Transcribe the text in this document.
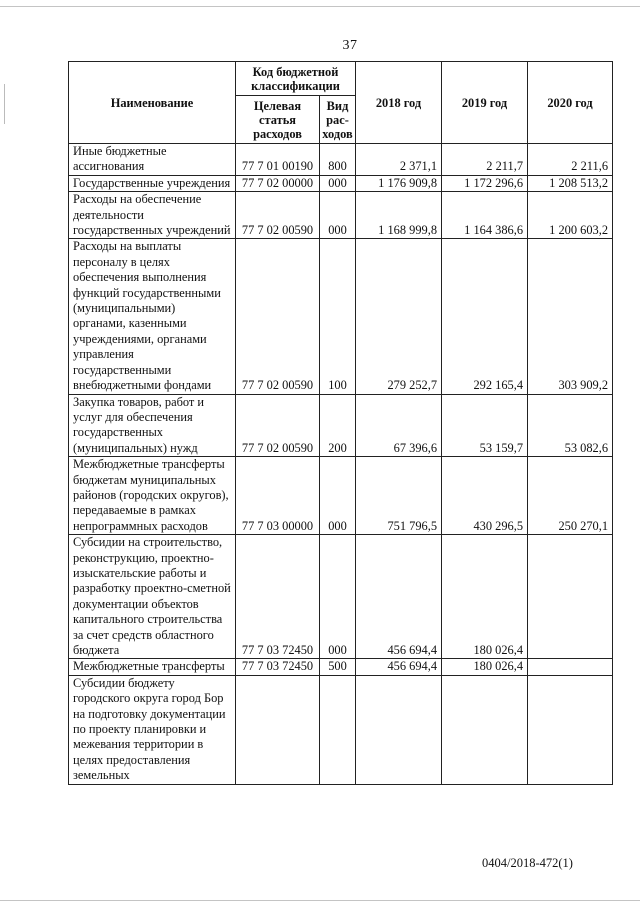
37
Наименование	Код бюджетной классификации		2018 год	2019 год	2020 год
	Целевая статья расходов	Вид рас- ходов			
Иные бюджетные ассигнования	77 7 01 00190	800	2 371,1	2 211,7	2 211,6
Государственные учреждения	77 7 02 00000	000	1 176 909,8	1 172 296,6	1 208 513,2
Расходы на обеспечение деятельности государственных учреждений	77 7 02 00590	000	1 168 999,8	1 164 386,6	1 200 603,2
Расходы на выплаты персоналу в целях обеспечения выполнения функций государственными (муниципальными) органами, казенными учреждениями, органами управления государственными внебюджетными фондами	77 7 02 00590	100	279 252,7	292 165,4	303 909,2
Закупка товаров, работ и услуг для обеспечения государственных (муниципальных) нужд	77 7 02 00590	200	67 396,6	53 159,7	53 082,6
Межбюджетные трансферты бюджетам муниципальных районов (городских округов), передаваемые в рамках непрограммных расходов	77 7 03 00000	000	751 796,5	430 296,5	250 270,1
Субсидии на строительство, реконструкцию, проектно-изыскательские работы и разработку проектно-сметной документации объектов капитального строительства за счет средств областного бюджета	77 7 03 72450	000	456 694,4	180 026,4	
Межбюджетные трансферты	77 7 03 72450	500	456 694,4	180 026,4	
Субсидии бюджету городского округа город Бор на подготовку документации по проекту планировки и межевания территории в целях предоставления земельных					
0404/2018-472(1)
